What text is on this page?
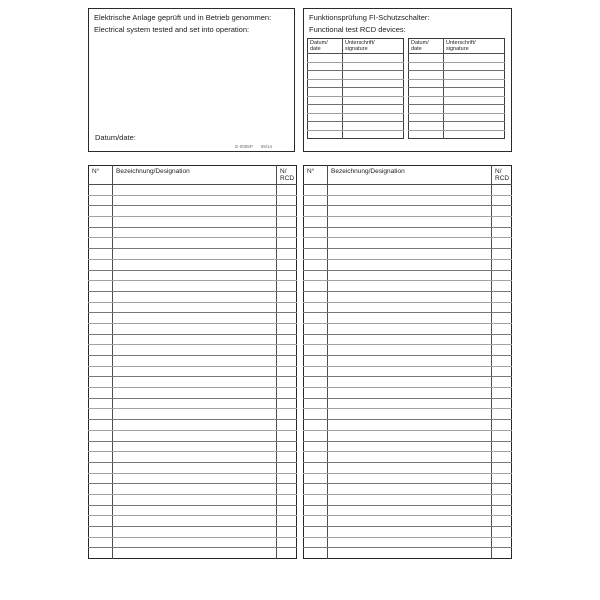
Elektrische Anlage geprüft und in Betrieb genommen:
Electrical system tested and set into operation:
Datum/date:
E-0005P 09/14
Funktionsprüfung FI-Schutzschalter:
Functional test RCD devices:
Datum/
date	Unterschrift/
signature

Datum/
date	Unterschrift/
signature

N°	Bezeichnung/Designation	N/
RCD

N°	Bezeichnung/Designation	N/
RCD
